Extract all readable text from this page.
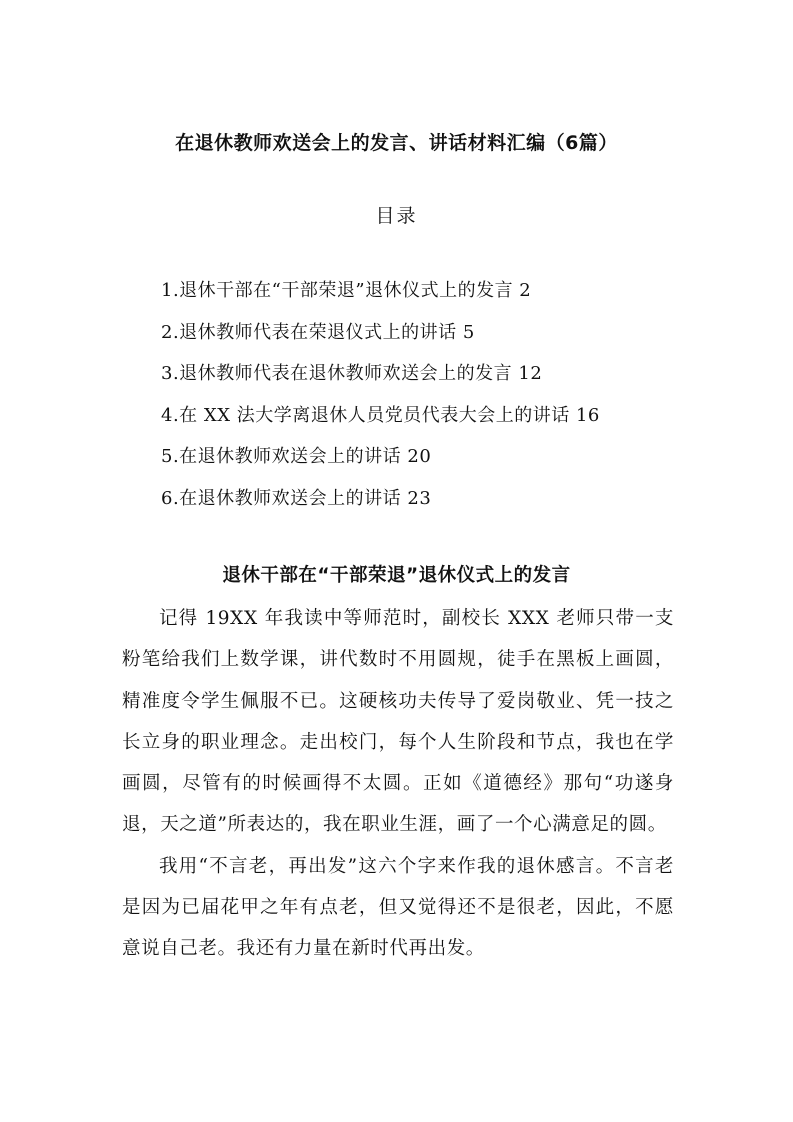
在退休教师欢送会上的发言、讲话材料汇编（6篇）
目录
1.退休干部在“干部荣退”退休仪式上的发言 2
2.退休教师代表在荣退仪式上的讲话 5
3.退休教师代表在退休教师欢送会上的发言 12
4.在 XX 法大学离退休人员党员代表大会上的讲话 16
5.在退休教师欢送会上的讲话 20
6.在退休教师欢送会上的讲话 23
退休干部在“干部荣退”退休仪式上的发言

记得 19XX 年我读中等师范时，副校长 XXX 老师只带一支粉笔给我们上数学课，讲代数时不用圆规，徒手在黑板上画圆，精准度令学生佩服不已。这硬核功夫传导了爱岗敬业、凭一技之长立身的职业理念。走出校门，每个人生阶段和节点，我也在学画圆，尽管有的时候画得不太圆。正如《道德经》那句“功遂身退，天之道”所表达的，我在职业生涯，画了一个心满意足的圆。

我用“不言老，再出发”这六个字来作我的退休感言。不言老是因为已届花甲之年有点老，但又觉得还不是很老，因此，不愿意说自己老。我还有力量在新时代再出发。
